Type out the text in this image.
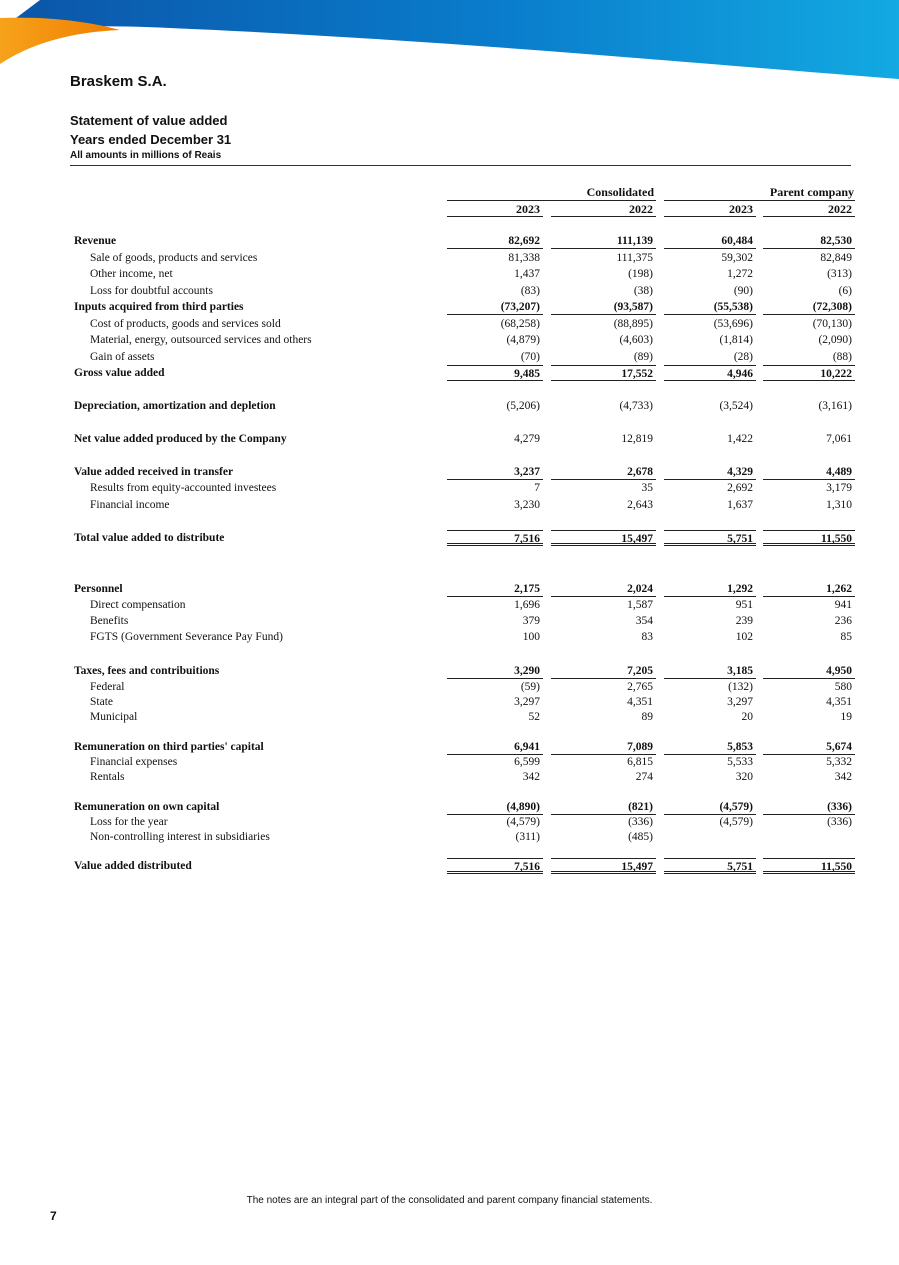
Braskem S.A.
Statement of value added
Years ended December 31
All amounts in millions of Reais
Consolidated	Parent company
2023	2022	2023	2022
Revenue	82,692	111,139	60,484	82,530
Sale of goods, products and services	81,338	111,375	59,302	82,849
Other income, net	1,437	(198)	1,272	(313)
Loss for doubtful accounts	(83)	(38)	(90)	(6)
Inputs acquired from third parties	(73,207)	(93,587)	(55,538)	(72,308)
Cost of products, goods and services sold	(68,258)	(88,895)	(53,696)	(70,130)
Material, energy, outsourced services and others	(4,879)	(4,603)	(1,814)	(2,090)
Gain of assets	(70)	(89)	(28)	(88)
Gross value added	9,485	17,552	4,946	10,222
Depreciation, amortization and depletion	(5,206)	(4,733)	(3,524)	(3,161)
Net value added produced by the Company	4,279	12,819	1,422	7,061
Value added received in transfer	3,237	2,678	4,329	4,489
Results from equity-accounted investees	7	35	2,692	3,179
Financial income	3,230	2,643	1,637	1,310
Total value added to distribute	7,516	15,497	5,751	11,550
Personnel	2,175	2,024	1,292	1,262
Direct compensation	1,696	1,587	951	941
Benefits	379	354	239	236
FGTS (Government Severance Pay Fund)	100	83	102	85
Taxes, fees and contribuitions	3,290	7,205	3,185	4,950
Federal	(59)	2,765	(132)	580
State	3,297	4,351	3,297	4,351
Municipal	52	89	20	19
Remuneration on third parties' capital	6,941	7,089	5,853	5,674
Financial expenses	6,599	6,815	5,533	5,332
Rentals	342	274	320	342
Remuneration on own capital	(4,890)	(821)	(4,579)	(336)
Loss for the year	(4,579)	(336)	(4,579)	(336)
Non-controlling interest in subsidiaries	(311)	(485)
Value added distributed	7,516	15,497	5,751	11,550
The notes are an integral part of the consolidated and parent company financial statements.
7
